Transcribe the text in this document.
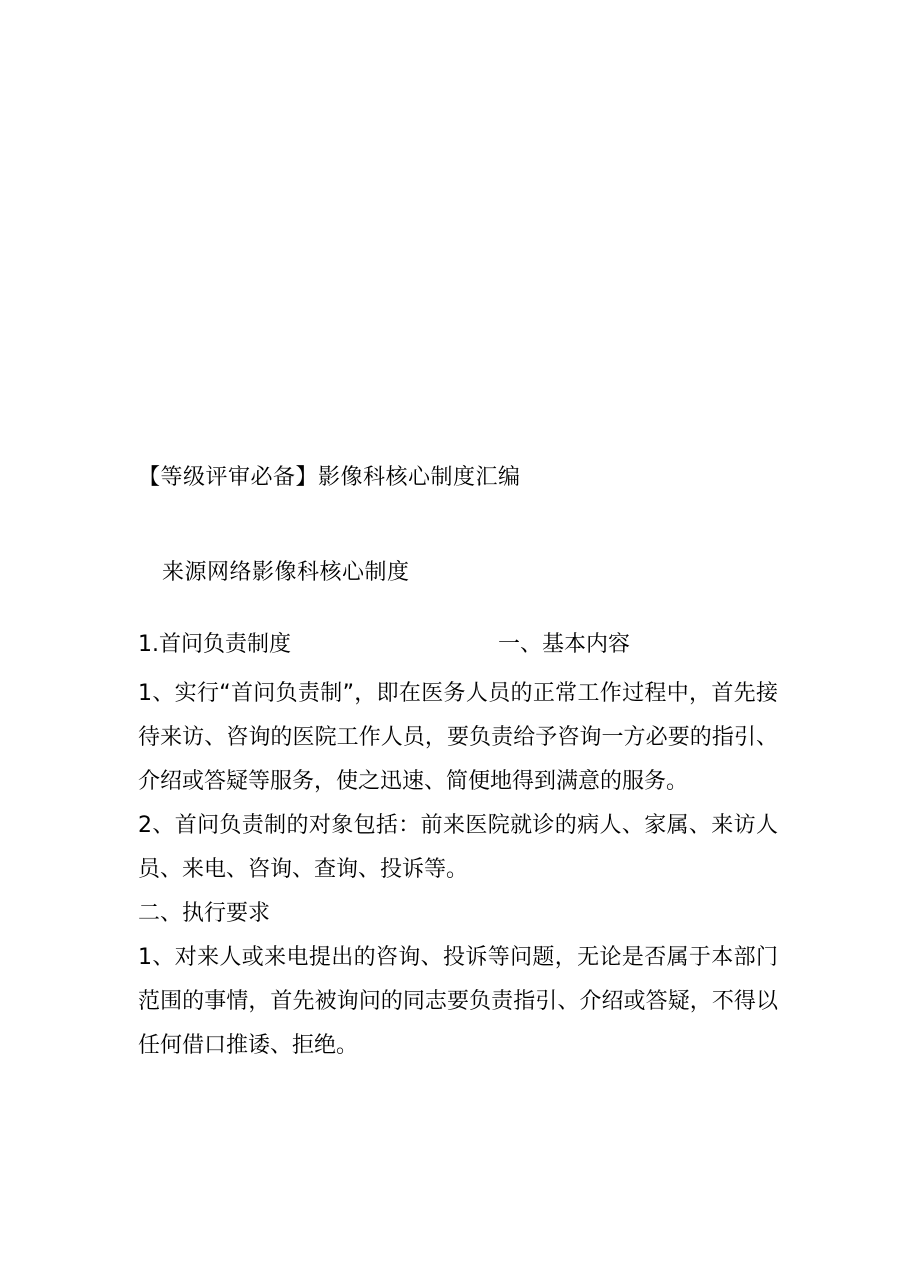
【等级评审必备】影像科核心制度汇编
来源网络影像科核心制度
1.首问负责制度	一、基本内容

1、实行“首问负责制”，即在医务人员的正常工作过程中，首先接待来访、咨询的医院工作人员，要负责给予咨询一方必要的指引、介绍或答疑等服务，使之迅速、简便地得到满意的服务。

2、首问负责制的对象包括：前来医院就诊的病人、家属、来访人员、来电、咨询、查询、投诉等。

二、执行要求

1、对来人或来电提出的咨询、投诉等问题，无论是否属于本部门范围的事情，首先被询问的同志要负责指引、介绍或答疑，不得以任何借口推诿、拒绝。
